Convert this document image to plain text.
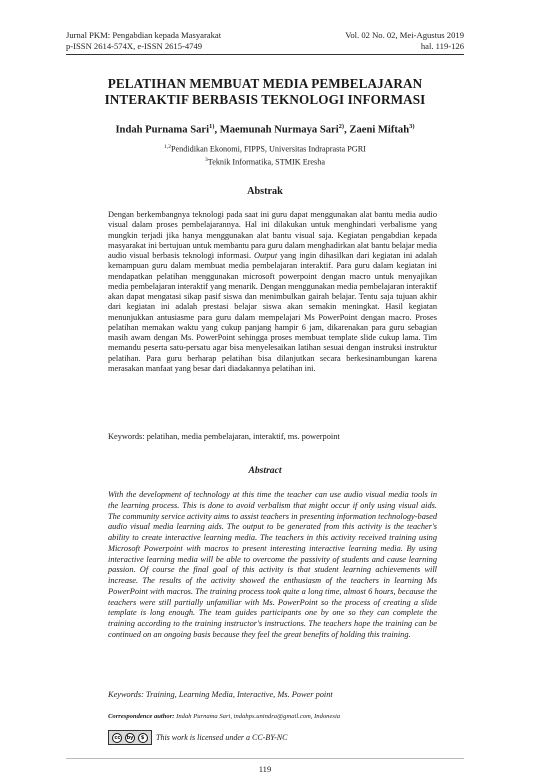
Jurnal PKM: Pengabdian kepada Masyarakat	Vol. 02 No. 02, Mei-Agustus 2019
p-ISSN 2614-574X, e-ISSN 2615-4749	hal. 119-126
PELATIHAN MEMBUAT MEDIA PEMBELAJARAN
INTERAKTIF BERBASIS TEKNOLOGI INFORMASI
Indah Purnama Sari$^{1)}$, Maemunah Nurmaya Sari$^{2)}$, Zaeni Miftah$^{3)}$
$^{1,2}$Pendidikan Ekonomi, FIPPS, Universitas Indraprasta PGRI
$^3$Teknik Informatika, STMIK Eresha
Abstrak
Dengan berkembangnya teknologi pada saat ini guru dapat menggunakan alat bantu media audio visual dalam proses pembelajarannya. Hal ini dilakukan untuk menghindari verbalisme yang mungkin terjadi jika hanya menggunakan alat bantu visual saja. Kegiatan pengabdian kepada masyarakat ini bertujuan untuk membantu para guru dalam menghadirkan alat bantu belajar media audio visual berbasis teknologi informasi. Output yang ingin dihasilkan dari kegiatan ini adalah kemampuan guru dalam membuat media pembelajaran interaktif. Para guru dalam kegiatan ini mendapatkan pelatihan menggunakan microsoft powerpoint dengan macro untuk menyajikan media pembelajaran interaktif yang menarik. Dengan menggunakan media pembelajaran interaktif akan dapat mengatasi sikap pasif siswa dan menimbulkan gairah belajar. Tentu saja tujuan akhir dari kegiatan ini adalah prestasi belajar siswa akan semakin meningkat. Hasil kegiatan menunjukkan antusiasme para guru dalam mempelajari Ms PowerPoint dengan macro. Proses pelatihan memakan waktu yang cukup panjang hampir 6 jam, dikarenakan para guru sebagian masih awam dengan Ms. PowerPoint sehingga proses membuat template slide cukup lama. Tim memandu peserta satu-persatu agar bisa menyelesaikan latihan sesuai dengan instruksi instruktur pelatihan. Para guru berharap pelatihan bisa dilanjutkan secara berkesinambungan karena merasakan manfaat yang besar dari diadakannya pelatihan ini.
Keywords: pelatihan, media pembelajaran, interaktif, ms. powerpoint
Abstract
With the development of technology at this time the teacher can use audio visual media tools in the learning process. This is done to avoid verbalism that might occur if only using visual aids. The community service activity aims to assist teachers in presenting information technology-based audio visual media learning aids. The output to be generated from this activity is the teacher's ability to create interactive learning media. The teachers in this activity received training using Microsoft Powerpoint with macros to present interesting interactive learning media. By using interactive learning media will be able to overcome the passivity of students and cause learning passion. Of course the final goal of this activity is that student learning achievements will increase. The results of the activity showed the enthusiasm of the teachers in learning Ms PowerPoint with macros. The training process took quite a long time, almost 6 hours, because the teachers were still partially unfamiliar with Ms. PowerPoint so the process of creating a slide template is long enough. The team guides participants one by one so they can complete the training according to the training instructor's instructions. The teachers hope the training can be continued on an ongoing basis because they feel the great benefits of holding this training.
Keywords: Training, Learning Media, Interactive, Ms. Power point
Correspondence author: Indah Purnama Sari, indahps.unindra@gmail.com, Indonesia
cc	by	$	This work is licensed under a CC-BY-NC
119
